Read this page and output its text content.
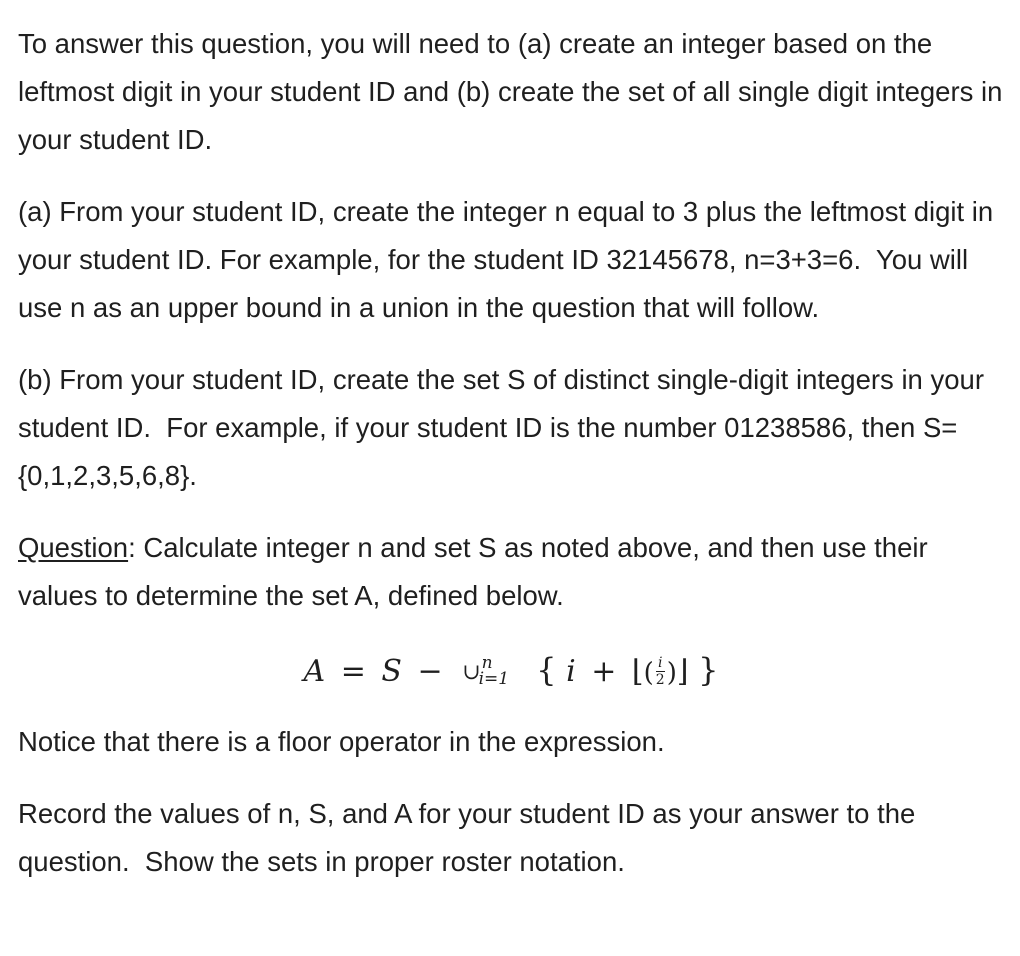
To answer this question, you will need to (a) create an integer based on the leftmost digit in your student ID and (b) create the set of all single digit integers in your student ID.

(a) From your student ID, create the integer n equal to 3 plus the leftmost digit in your student ID. For example, for the student ID 32145678, n=3+3=6.  You will use n as an upper bound in a union in the question that will follow.

(b) From your student ID, create the set S of distinct single-digit integers in your student ID.  For example, if your student ID is the number 01238586, then S={0,1,2,3,5,6,8}.

Question: Calculate integer n and set S as noted above, and then use their values to determine the set A, defined below.

A = S − ∪ n
i=1 { i + ⌊( $\frac{i}{2}$ )⌋ }

Notice that there is a floor operator in the expression.

Record the values of n, S, and A for your student ID as your answer to the question.  Show the sets in proper roster notation.
